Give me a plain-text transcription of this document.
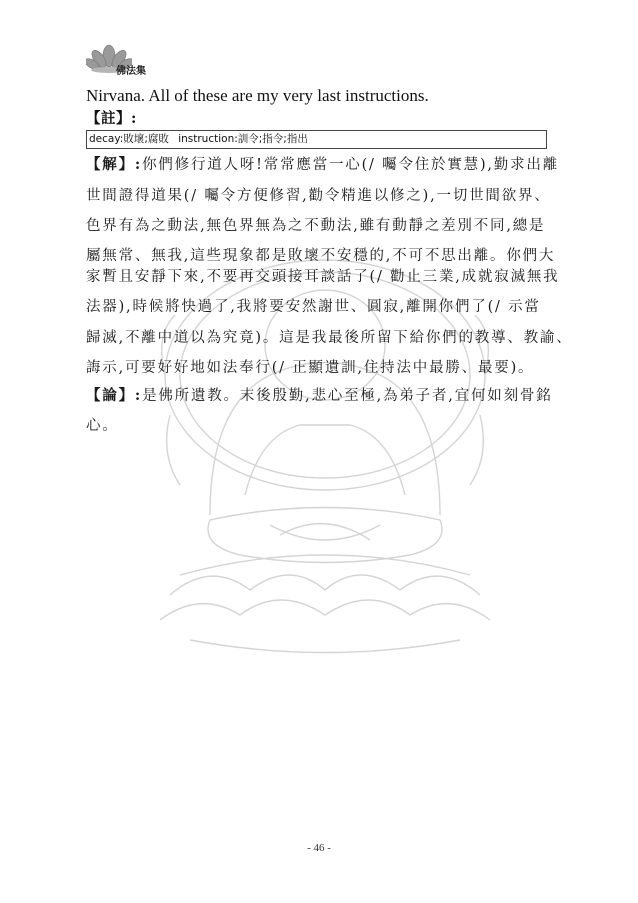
佛法集
Nirvana. All of these are my very last instructions.
【註】:
decay:敗壞;腐敗 instruction:訓令;指令;指出
【解】:你們修行道人呀!常常應當一心(/ 囑令住於實慧),勤求出離
世間證得道果(/ 囑令方便修習,勸令精進以修之),一切世間欲界、
色界有為之動法,無色界無為之不動法,雖有動靜之差別不同,總是
屬無常、無我,這些現象都是敗壞不安穩的,不可不思出離。你們大
家暫且安靜下來,不要再交頭接耳談話了(/ 勸止三業,成就寂滅無我
法器),時候將快過了,我將要安然謝世、圓寂,離開你們了(/ 示當
歸滅,不離中道以為究竟)。這是我最後所留下給你們的教導、教諭、
誨示,可要好好地如法奉行(/ 正顯遺訓,住持法中最勝、最要)。
【論】:是佛所遺教。末後殷勤,悲心至極,為弟子者,宜何如刻骨銘
心。
- 46 -
